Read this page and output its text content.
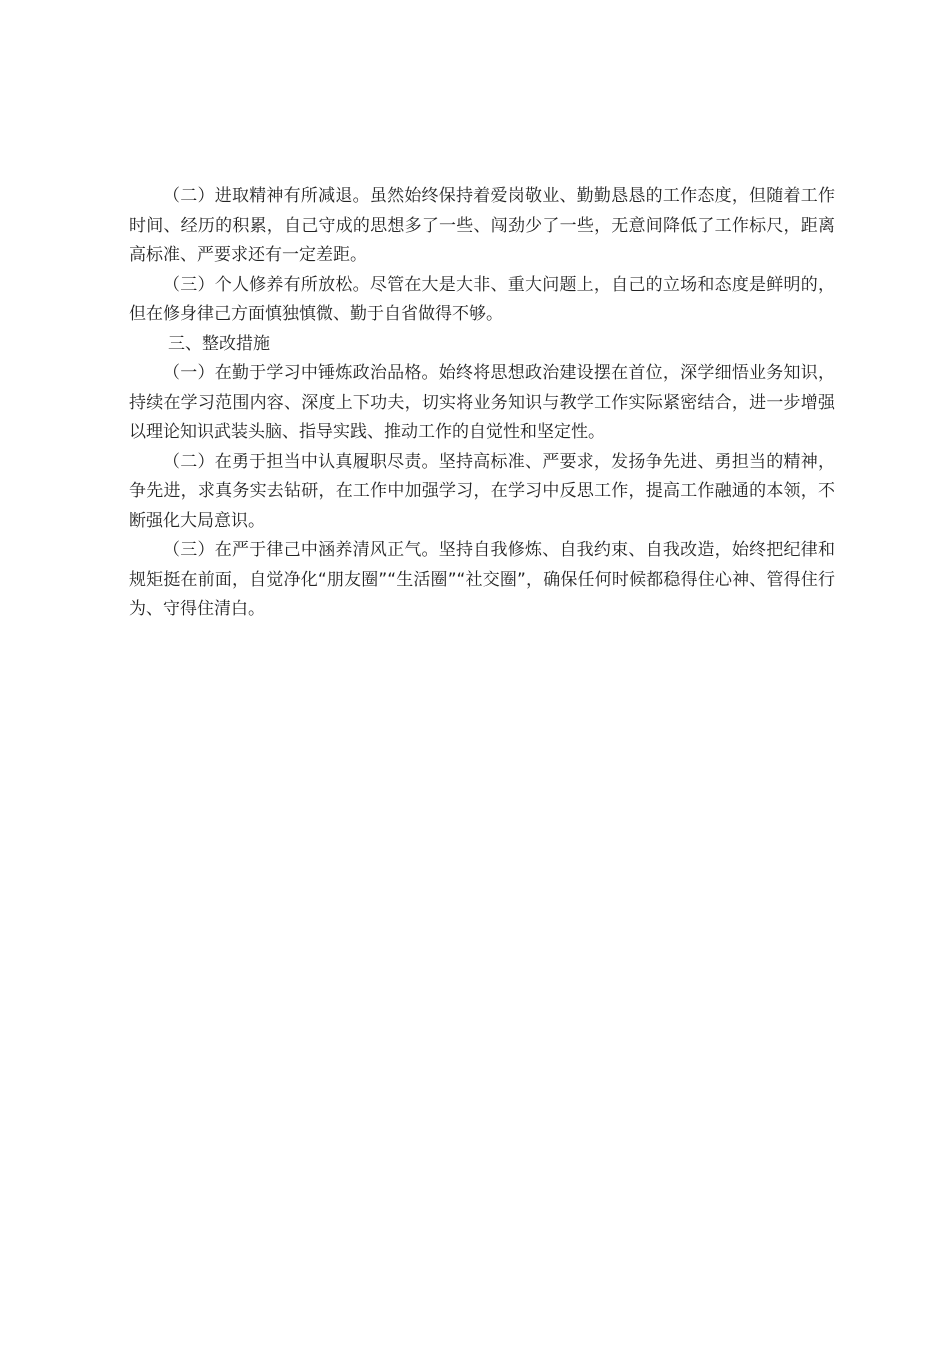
（二）进取精神有所减退。虽然始终保持着爱岗敬业、勤勤恳恳的工作态度，但随着工作时间、经历的积累，自己守成的思想多了一些、闯劲少了一些，无意间降低了工作标尺，距离高标准、严要求还有一定差距。

（三）个人修养有所放松。尽管在大是大非、重大问题上，自己的立场和态度是鲜明的，但在修身律己方面慎独慎微、勤于自省做得不够。

三、整改措施

（一）在勤于学习中锤炼政治品格。始终将思想政治建设摆在首位，深学细悟业务知识，持续在学习范围内容、深度上下功夫，切实将业务知识与教学工作实际紧密结合，进一步增强以理论知识武装头脑、指导实践、推动工作的自觉性和坚定性。

（二）在勇于担当中认真履职尽责。坚持高标准、严要求，发扬争先进、勇担当的精神，争先进，求真务实去钻研，在工作中加强学习，在学习中反思工作，提高工作融通的本领，不断强化大局意识。

（三）在严于律己中涵养清风正气。坚持自我修炼、自我约束、自我改造，始终把纪律和规矩挺在前面，自觉净化“朋友圈”“生活圈”“社交圈”，确保任何时候都稳得住心神、管得住行为、守得住清白。
